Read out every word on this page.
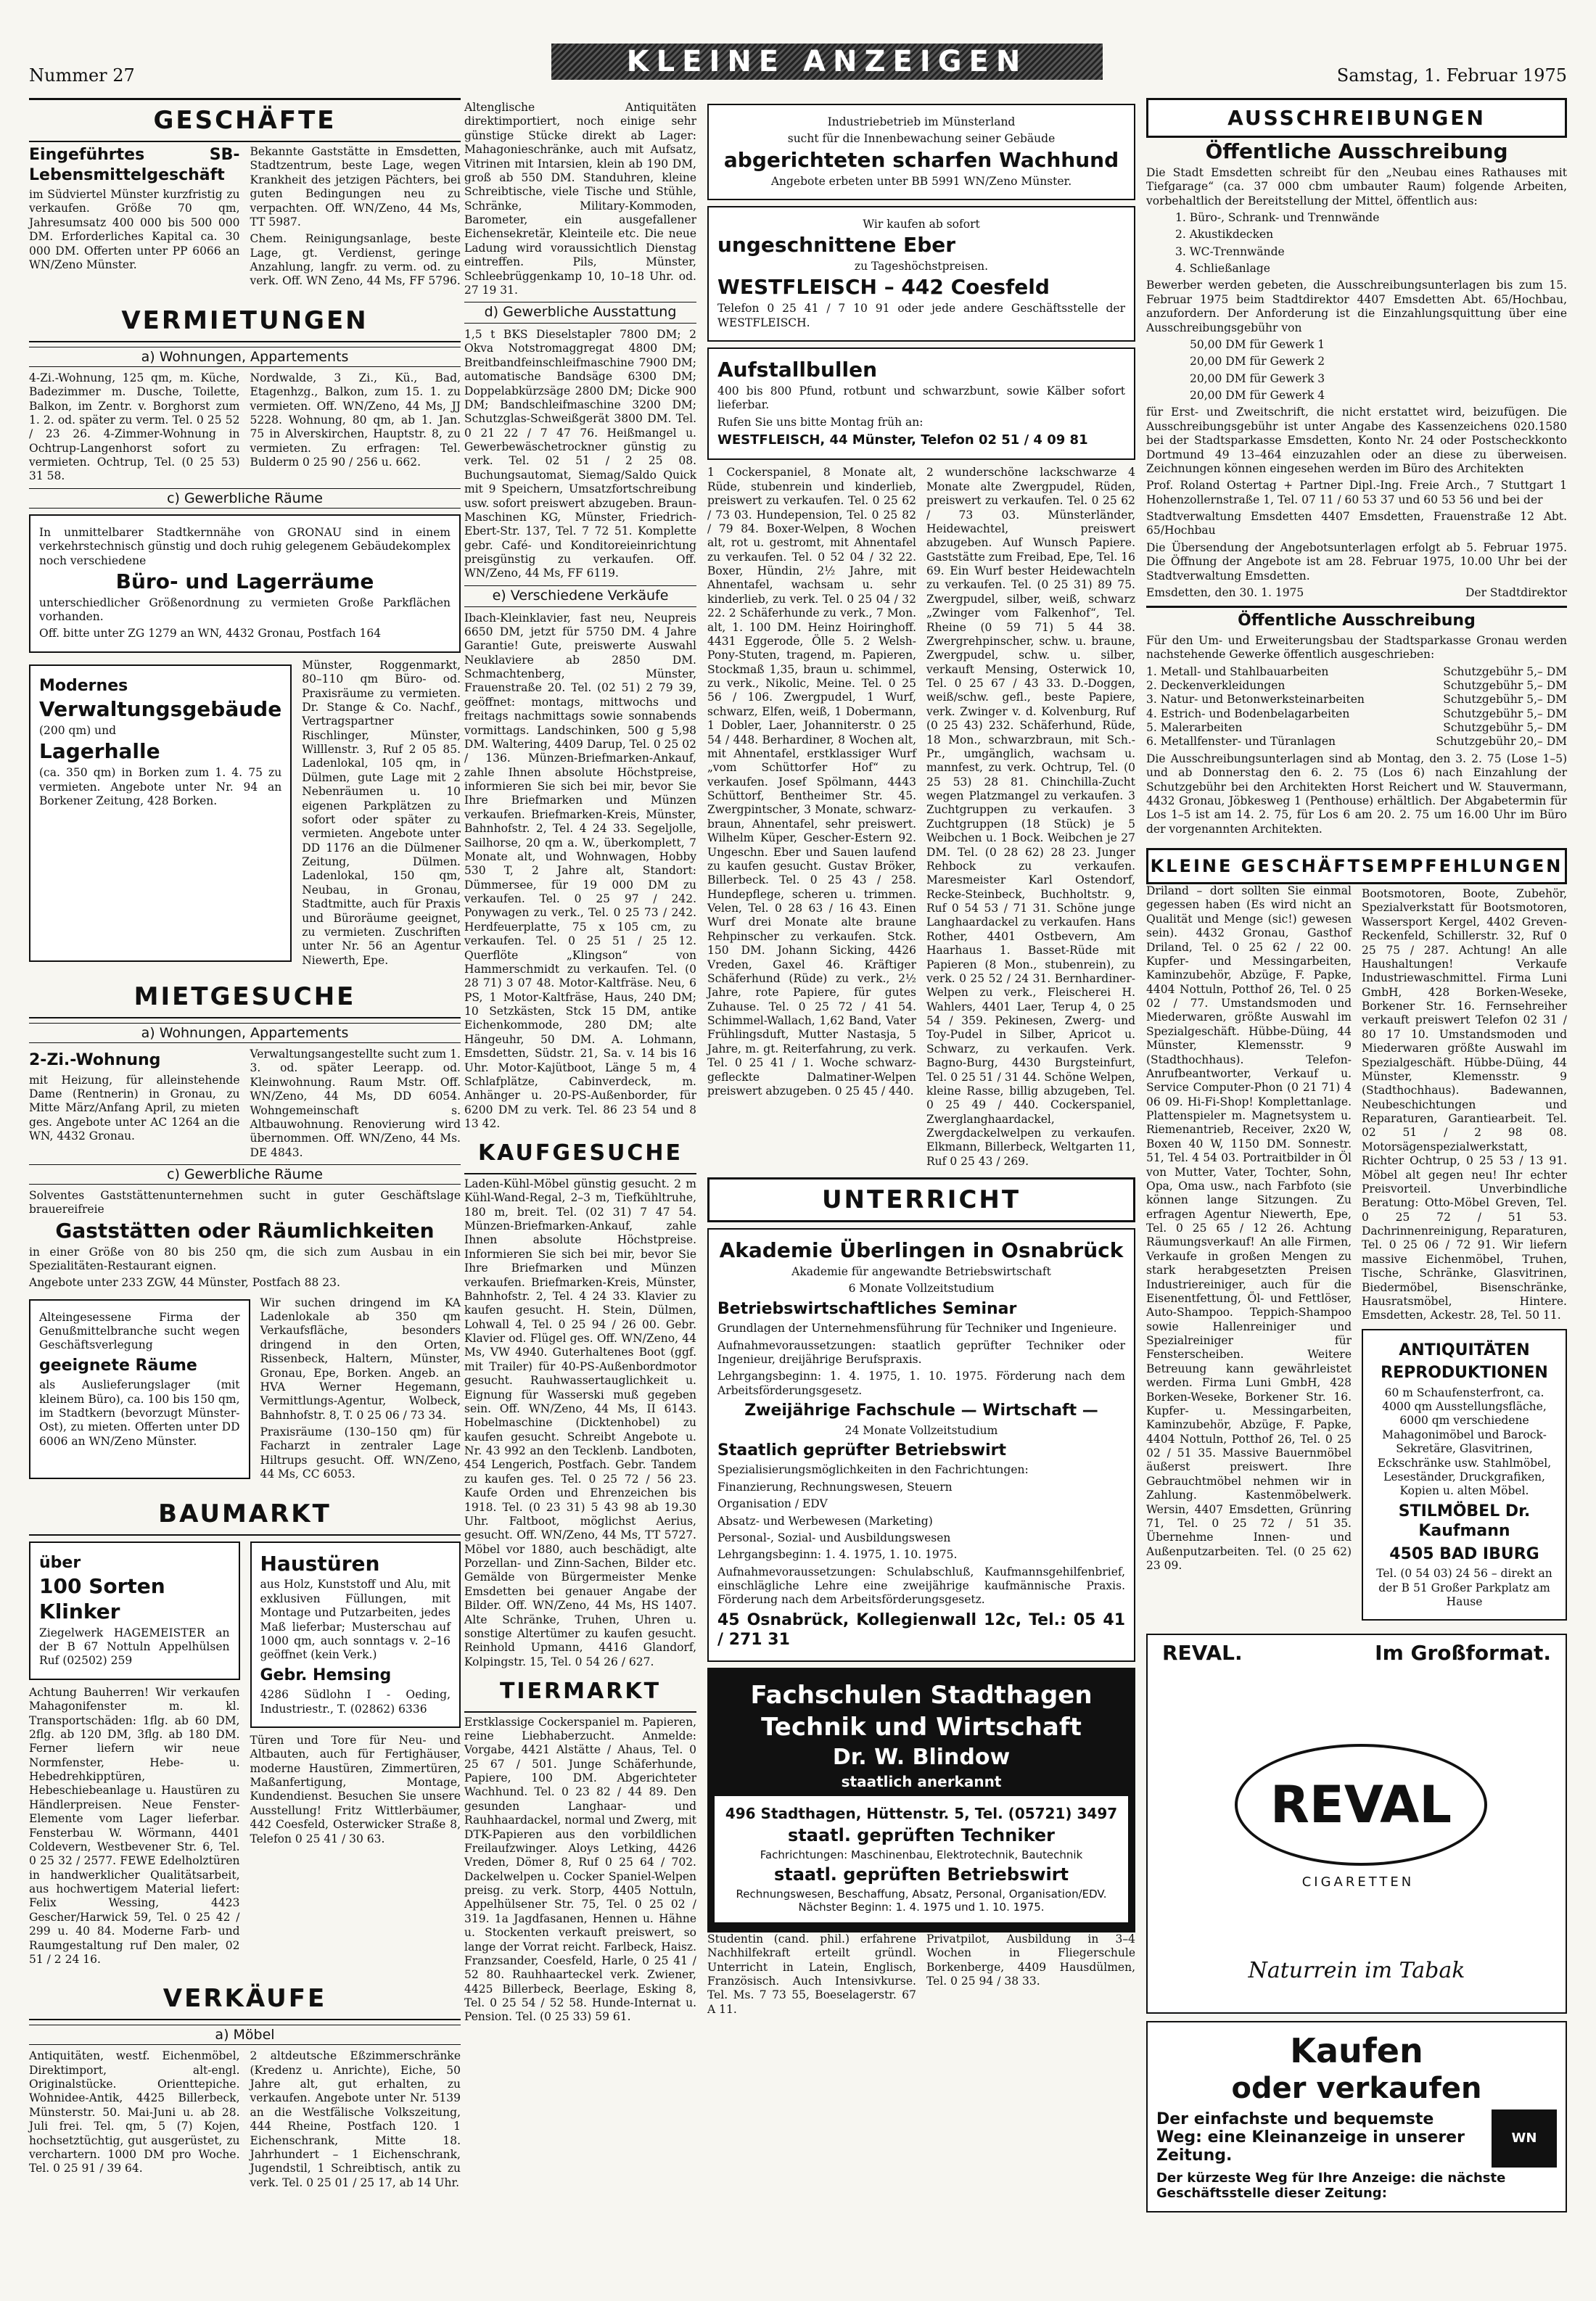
Nummer 27	KLEINE ANZEIGEN	Samstag, 1. Februar 1975
GESCHÄFTE

Eingeführtes SB-Lebensmittelgeschäft

im Südviertel Münster kurzfristig zu verkaufen. Größe 70 qm, Jahresumsatz 400 000 bis 500 000 DM. Erforderliches Kapital ca. 30 000 DM. Offerten unter PP 6066 an WN/Zeno Münster.

Bekannte Gaststätte in Emsdetten, Stadtzentrum, beste Lage, wegen Krankheit des jetzigen Pächters, bei guten Bedingungen neu zu verpachten. Off. WN/Zeno, 44 Ms, TT 5987.

Chem. Reinigungsanlage, beste Lage, gt. Verdienst, geringe Anzahlung, langfr. zu verm. od. zu verk. Off. WN Zeno, 44 Ms, FF 5796.

VERMIETUNGEN
a) Wohnungen, Appartements
4-Zi.-Wohnung, 125 qm, m. Küche, Badezimmer m. Dusche, Toilette, Balkon, im Zentr. v. Borghorst zum 1. 2. od. später zu verm. Tel. 0 25 52 / 23 26. 4-Zimmer-Wohnung in Ochtrup-Langenhorst sofort zu vermieten. Ochtrup, Tel. (0 25 53) 31 58.
Nordwalde, 3 Zi., Kü., Bad, Etagenhzg., Balkon, zum 15. 1. zu vermieten. Off. WN/Zeno, 44 Ms, JJ 5228. Wohnung, 80 qm, ab 1. Jan. 75 in Alverskirchen, Hauptstr. 8, zu vermieten. Zu erfragen: Tel. Bulderm 0 25 90 / 256 u. 662.
c) Gewerbliche Räume

In unmittelbarer Stadtkernnähe von GRONAU sind in einem verkehrstechnisch günstig und doch ruhig gelegenem Gebäudekomplex noch verschiedene

Büro- und Lagerräume

unterschiedlicher Größenordnung zu vermieten Große Parkflächen vorhanden.

Off. bitte unter ZG 1279 an WN, 4432 Gronau, Postfach 164

Modernes

Verwaltungsgebäude

(200 qm) und

Lagerhalle

(ca. 350 qm) in Borken zum 1. 4. 75 zu vermieten. Angebote unter Nr. 94 an Borkener Zeitung, 428 Borken.

Münster, Roggenmarkt, 80–110 qm Büro- od. Praxisräume zu vermieten. Dr. Stange & Co. Nachf., Vertragspartner Rischlinger, Münster, Willlenstr. 3, Ruf 2 05 85. Ladenlokal, 105 qm, in Dülmen, gute Lage mit 2 Nebenräumen u. 10 eigenen Parkplätzen zu sofort oder später zu vermieten. Angebote unter DD 1176 an die Dülmener Zeitung, Dülmen. Ladenlokal, 150 qm, Neubau, in Gronau, Stadtmitte, auch für Praxis und Büroräume geeignet, zu vermieten. Zuschriften unter Nr. 56 an Agentur Niewerth, Epe.
MIETGESUCHE
a) Wohnungen, Appartements

2-Zi.-Wohnung

mit Heizung, für alleinstehende Dame (Rentnerin) in Gronau, zu Mitte März/Anfang April, zu mieten ges. Angebote unter AC 1264 an die WN, 4432 Gronau.

Verwaltungsangestellte sucht zum 1. 3. od. später Leerapp. od. Kleinwohnung. Raum Mstr. Off. WN/Zeno, 44 Ms, DD 6054. Wohngemeinschaft s. Altbauwohnung. Renovierung wird übernommen. Off. WN/Zeno, 44 Ms. DE 4843.
c) Gewerbliche Räume

Solventes Gaststättenunternehmen sucht in guter Geschäftslage brauereifreie

Gaststätten oder Räumlichkeiten

in einer Größe von 80 bis 250 qm, die sich zum Ausbau in ein Spezialitäten-Restaurant eignen.

Angebote unter 233 ZGW, 44 Münster, Postfach 88 23.

Alteingesessene Firma der Genußmittelbranche sucht wegen Geschäftsverlegung

geeignete Räume

als Auslieferungslager (mit kleinem Büro), ca. 100 bis 150 qm, im Stadtkern (bevorzugt Münster-Ost), zu mieten. Offerten unter DD 6006 an WN/Zeno Münster.

Wir suchen dringend im KA Ladenlokale ab 350 qm Verkaufsfläche, besonders dringend in den Orten, Rissenbeck, Haltern, Münster, Gronau, Epe, Borken. Angeb. an HVA Werner Hegemann, Vermittlungs-Agentur, Wolbeck, Bahnhofstr. 8, T. 0 25 06 / 73 34.

Praxisräume (130–150 qm) für Facharzt in zentraler Lage Hiltrups gesucht. Off. WN/Zeno, 44 Ms, CC 6053.

BAUMARKT

über

100 Sorten

Klinker

Ziegelwerk HAGEMEISTER an der B 67 Nottuln Appelhülsen Ruf (02502) 259

Achtung Bauherren! Wir verkaufen Mahagonifenster m. kl. Transportschäden: 1flg. ab 60 DM, 2flg. ab 120 DM, 3flg. ab 180 DM. Ferner liefern wir neue Normfenster, Hebe- u. Hebedrehkipptüren, Hebeschiebeanlage u. Haustüren zu Händlerpreisen. Neue Fenster-Elemente vom Lager lieferbar. Fensterbau W. Wörmann, 4401 Coldevern, Westbevener Str. 6, Tel. 0 25 32 / 2577. FEWE Edelholztüren in handwerklicher Qualitätsarbeit, aus hochwertigem Material liefert: Felix Wessing, 4423 Gescher/Harwick 59, Tel. 0 25 42 / 299 u. 40 84. Moderne Farb- und Raumgestaltung ruf Den maler, 02 51 / 2 24 16.

Haustüren

aus Holz, Kunststoff und Alu, mit exklusiven Füllungen, mit Montage und Putzarbeiten, jedes Maß lieferbar; Musterschau auf 1000 qm, auch sonntags v. 2–16 geöffnet (kein Verk.)

Gebr. Hemsing

4286 Südlohn I - Oeding, Industriestr., T. (02862) 6336

Türen und Tore für Neu- und Altbauten, auch für Fertighäuser, moderne Haustüren, Zimmertüren, Maßanfertigung, Montage, Kundendienst. Besuchen Sie unsere Ausstellung! Fritz Wittlerbäumer, 442 Coesfeld, Osterwicker Straße 8, Telefon 0 25 41 / 30 63.

VERKÄUFE
a) Möbel
Antiquitäten, westf. Eichenmöbel, Direktimport, alt-engl. Originalstücke. Orienttepiche. Wohnidee-Antik, 4425 Billerbeck, Münsterstr. 50. Mai-Juni u. ab 28. Juli frei. Tel. qm, 5 (7) Kojen, hochsetztüchtig, gut ausgerüstet, zu verchartern. 1000 DM pro Woche. Tel. 0 25 91 / 39 64.
2 altdeutsche Eßzimmerschränke (Kredenz u. Anrichte), Eiche, 50 Jahre alt, gut erhalten, zu verkaufen. Angebote unter Nr. 5139 an die Westfälische Volkszeitung, 444 Rheine, Postfach 120. 1 Eichenschrank, Mitte 18. Jahrhundert – 1 Eichenschrank, Jugendstil, 1 Schreibtisch, antik zu verk. Tel. 0 25 01 / 25 17, ab 14 Uhr.

Altenglische Antiquitäten direktimportiert, noch einige sehr günstige Stücke direkt ab Lager: Mahagonieschränke, auch mit Aufsatz, Vitrinen mit Intarsien, klein ab 190 DM, groß ab 550 DM. Standuhren, kleine Schreibtische, viele Tische und Stühle, Schränke, Military-Kommoden, Barometer, ein ausgefallener Eichensekretär, Kleinteile etc. Die neue Ladung wird voraussichtlich Dienstag eintreffen. Pils, Münster, Schleebrüggenkamp 10, 10–18 Uhr. od. 27 19 31.

d) Gewerbliche Ausstattung

1,5 t BKS Dieselstapler 7800 DM; 2 Okva Notstromaggregat 4800 DM; Breitbandfeinschleifmaschine 7900 DM; automatische Bandsäge 6300 DM; Doppelabkürzsäge 2800 DM; Dicke 900 DM; Bandschleifmaschine 3200 DM; Schutzglas-Schweißgerät 3800 DM. Tel. 0 21 22 / 7 47 76. Heißmangel u. Gewerbewäschetrockner günstig zu verk. Tel. 02 51 / 2 25 08. Buchungsautomat, Siemag/Saldo Quick mit 9 Speichern, Umsatzfortschreibung usw. sofort preiswert abzugeben. Braun-Maschinen KG, Münster, Friedrich-Ebert-Str. 137, Tel. 7 72 51. Komplette gebr. Café- und Konditoreieinrichtung preisgünstig zu verkaufen. Off. WN/Zeno, 44 Ms, FF 6119.

e) Verschiedene Verkäufe

Ibach-Kleinklavier, fast neu, Neupreis 6650 DM, jetzt für 5750 DM. 4 Jahre Garantie! Gute, preiswerte Auswahl Neuklaviere ab 2850 DM. Schmachtenberg, Münster, Frauenstraße 20. Tel. (02 51) 2 79 39, geöffnet: montags, mittwochs und freitags nachmittags sowie sonnabends vormittags. Landschinken, 500 g 5,98 DM. Waltering, 4409 Darup, Tel. 0 25 02 / 136. Münzen-Briefmarken-Ankauf, zahle Ihnen absolute Höchstpreise, informieren Sie sich bei mir, bevor Sie Ihre Briefmarken und Münzen verkaufen. Briefmarken-Kreis, Münster, Bahnhofstr. 2, Tel. 4 24 33. Segeljolle, Sailhorse, 20 qm a. W., überkomplett, 7 Monate alt, und Wohnwagen, Hobby 530 T, 2 Jahre alt, Standort: Dümmersee, für 19 000 DM zu verkaufen. Tel. 0 25 97 / 242. Ponywagen zu verk., Tel. 0 25 73 / 242. Herdfeuerplatte, 75 x 105 cm, zu verkaufen. Tel. 0 25 51 / 25 12. Querflöte „Klingson“ von Hammerschmidt zu verkaufen. Tel. (0 28 71) 3 07 48. Motor-Kaltfräse. Neu, 6 PS, 1 Motor-Kaltfräse, Haus, 240 DM; 10 Setzkästen, Stck 15 DM, antike Eichenkommode, 280 DM; alte Hängeuhr, 50 DM. A. Lohmann, Emsdetten, Südstr. 21, Sa. v. 14 bis 16 Uhr. Motor-Kajütboot, Länge 5 m, 4 Schlafplätze, Cabinverdeck, m. Anhänger u. 20-PS-Außenborder, für 6200 DM zu verk. Tel. 86 23 54 und 8 13 42.

KAUFGESUCHE

Laden-Kühl-Möbel günstig gesucht. 2 m Kühl-Wand-Regal, 2–3 m, Tiefkühltruhe, 180 m, breit. Tel. (02 31) 7 47 54. Münzen-Briefmarken-Ankauf, zahle Ihnen absolute Höchstpreise. Informieren Sie sich bei mir, bevor Sie Ihre Briefmarken und Münzen verkaufen. Briefmarken-Kreis, Münster, Bahnhofstr. 2, Tel. 4 24 33. Klavier zu kaufen gesucht. H. Stein, Dülmen, Lohwall 4, Tel. 0 25 94 / 26 00. Gebr. Klavier od. Flügel ges. Off. WN/Zeno, 44 Ms, VW 4940. Guterhaltenes Boot (ggf. mit Trailer) für 40-PS-Außenbordmotor gesucht. Rauhwassertauglichkeit u. Eignung für Wasserski muß gegeben sein. Off. WN/Zeno, 44 Ms, II 6143. Hobelmaschine (Dicktenhobel) zu kaufen gesucht. Schreibt Angebote u. Nr. 43 992 an den Tecklenb. Landboten, 454 Lengerich, Postfach. Gebr. Tandem zu kaufen ges. Tel. 0 25 72 / 56 23. Kaufe Orden und Ehrenzeichen bis 1918. Tel. (0 23 31) 5 43 98 ab 19.30 Uhr. Faltboot, möglichst Aerius, gesucht. Off. WN/Zeno, 44 Ms, TT 5727. Möbel vor 1880, auch beschädigt, alte Porzellan- und Zinn-Sachen, Bilder etc. Gemälde von Bürgermeister Menke Emsdetten bei genauer Angabe der Bilder. Off. WN/Zeno, 44 Ms, HS 1407. Alte Schränke, Truhen, Uhren u. sonstige Altertümer zu kaufen gesucht. Reinhold Upmann, 4416 Glandorf, Kolpingstr. 15, Tel. 0 54 26 / 627.

TIERMARKT

Erstklassige Cockerspaniel m. Papieren, reine Liebhaberzucht. Anmelde: Vorgabe, 4421 Alstätte / Ahaus, Tel. 0 25 67 / 501. Junge Schäferhunde, Papiere, 100 DM. Abgerichteter Wachhund. Tel. 0 23 82 / 44 89. Den gesunden Langhaar- und Rauhhaardackel, normal und Zwerg, mit DTK-Papieren aus den vorbildlichen Freilaufzwinger. Aloys Letking, 4426 Vreden, Dömer 8, Ruf 0 25 64 / 702. Dackelwelpen u. Cocker Spaniel-Welpen preisg. zu verk. Storp, 4405 Nottuln, Appelhülsener Str. 75, Tel. 0 25 02 / 319. 1a Jagdfasanen, Hennen u. Hähne u. Stockenten verkauft preiswert, so lange der Vorrat reicht. Farlbeck, Haisz. Franzsander, Coesfeld, Harle, 0 25 41 / 52 80. Rauhhaarteckel verk. Zwiener, 4425 Billerbeck, Beerlage, Esking 8, Tel. 0 25 54 / 52 58. Hunde-Internat u. Pension. Tel. (0 25 33) 59 61.

Industriebetrieb im Münsterland

sucht für die Innenbewachung seiner Gebäude

abgerichteten scharfen Wachhund

Angebote erbeten unter BB 5991 WN/Zeno Münster.

Wir kaufen ab sofort

ungeschnittene Eber

zu Tageshöchstpreisen.

WESTFLEISCH – 442 Coesfeld

Telefon 0 25 41 / 7 10 91 oder jede andere Geschäftsstelle der WESTFLEISCH.

Aufstallbullen

400 bis 800 Pfund, rotbunt und schwarzbunt, sowie Kälber sofort lieferbar.

Rufen Sie uns bitte Montag früh an:

WESTFLEISCH, 44 Münster, Telefon 02 51 / 4 09 81

1 Cockerspaniel, 8 Monate alt, Rüde, stubenrein und kinderlieb, preiswert zu verkaufen. Tel. 0 25 62 / 73 03. Hundepension, Tel. 0 25 82 / 79 84. Boxer-Welpen, 8 Wochen alt, rot u. gestromt, mit Ahnentafel zu verkaufen. Tel. 0 52 04 / 32 22. Boxer, Hündin, 2½ Jahre, mit Ahnentafel, wachsam u. sehr kinderlieb, zu verk. Tel. 0 25 04 / 32 22. 2 Schäferhunde zu verk., 7 Mon. alt, 1. 100 DM. Heinz Hoiringhoff. 4431 Eggerode, Ölle 5. 2 Welsh-Pony-Stuten, tragend, m. Papieren, Stockmaß 1,35, braun u. schimmel, zu verk., Nikolic, Meine. Tel. 0 25 56 / 106. Zwergpudel, 1 Wurf, schwarz, Elfen, weiß, 1 Dobermann, 1 Dobler, Laer, Johanniterstr. 0 25 54 / 448. Berhardiner, 8 Wochen alt, mit Ahnentafel, erstklassiger Wurf „vom Schüttorfer Hof“ zu verkaufen. Josef Spölmann, 4443 Schüttorf, Bentheimer Str. 45. Zwergpintscher, 3 Monate, schwarz-braun, Ahnentafel, sehr preiswert. Wilhelm Küper, Gescher-Estern 92. Ungeschn. Eber und Sauen laufend zu kaufen gesucht. Gustav Bröker, Billerbeck. Tel. 0 25 43 / 258. Hundepflege, scheren u. trimmen. Velen, Tel. 0 28 63 / 16 43. Einen Wurf drei Monate alte braune Rehpinscher zu verkaufen. Stck. 150 DM. Johann Sicking, 4426 Vreden, Gaxel 46. Kräftiger Schäferhund (Rüde) zu verk., 2½ Jahre, rote Papiere, für gutes Zuhause. Tel. 0 25 72 / 41 54. Schimmel-Wallach, 1,62 Band, Vater Frühlingsduft, Mutter Nastasja, 5 Jahre, m. gt. Reiterfahrung, zu verk. Tel. 0 25 41 / 1. Woche schwarz-gefleckte Dalmatiner-Welpen preiswert abzugeben. 0 25 45 / 440.
2 wunderschöne lackschwarze 4 Monate alte Zwergpudel, Rüden, preiswert zu verkaufen. Tel. 0 25 62 / 73 03. Münsterländer, Heidewachtel, preiswert abzugeben. Auf Wunsch Papiere. Gaststätte zum Freibad, Epe, Tel. 16 69. Ein Wurf bester Heidewachteln zu verkaufen. Tel. (0 25 31) 89 75. Zwergpudel, silber, weiß, schwarz „Zwinger vom Falkenhof“, Tel. Rheine (0 59 71) 5 44 38. Zwergrehpinscher, schw. u. braune, Zwergpudel, schw. u. silber, verkauft Mensing, Osterwick 10, Tel. 0 25 67 / 43 33. D.-Doggen, weiß/schw. gefl., beste Papiere, verk. Zwinger v. d. Kolvenburg, Ruf (0 25 43) 232. Schäferhund, Rüde, 18 Mon., schwarzbraun, mit Sch.-Pr., umgänglich, wachsam u. mannfest, zu verk. Ochtrup, Tel. (0 25 53) 28 81. Chinchilla-Zucht wegen Platzmangel zu verkaufen. 3 Zuchtgruppen zu verkaufen. 3 Zuchtgruppen (18 Stück) je 5 Weibchen u. 1 Bock. Weibchen je 27 DM. Tel. (0 28 62) 28 23. Junger Rehbock zu verkaufen. Maresmeister Karl Ostendorf, Recke-Steinbeck, Buchholtstr. 9, Ruf 0 54 53 / 71 31. Schöne junge Langhaardackel zu verkaufen. Hans Rother, 4401 Ostbevern, Am Haarhaus 1. Basset-Rüde mit Papieren (8 Mon., stubenrein), zu verk. 0 25 52 / 24 31. Bernhardiner-Welpen zu verk., Fleischerei H. Wahlers, 4401 Laer, Terup 4, 0 25 54 / 359. Pekinesen, Zwerg- und Toy-Pudel in Silber, Apricot u. Schwarz, zu verkaufen. Verk. Bagno-Burg, 4430 Burgsteinfurt, Tel. 0 25 51 / 31 44. Schöne Welpen, kleine Rasse, billig abzugeben, Tel. 0 25 49 / 440. Cockerspaniel, Zwerglanghaardackel, Zwergdackelwelpen zu verkaufen. Elkmann, Billerbeck, Weltgarten 11, Ruf 0 25 43 / 269.
UNTERRICHT

Akademie Überlingen in Osnabrück

Akademie für angewandte Betriebswirtschaft

6 Monate Vollzeitstudium

Betriebswirtschaftliches Seminar

Grundlagen der Unternehmensführung für Techniker und Ingenieure.

Aufnahmevoraussetzungen: staatlich geprüfter Techniker oder Ingenieur, dreijährige Berufspraxis.

Lehrgangsbeginn: 1. 4. 1975, 1. 10. 1975. Förderung nach dem Arbeitsförderungsgesetz.

Zweijährige Fachschule — Wirtschaft —

24 Monate Vollzeitstudium

Staatlich geprüfter Betriebswirt

Spezialisierungsmöglichkeiten in den Fachrichtungen:

Finanzierung, Rechnungswesen, Steuern

Organisation / EDV

Absatz- und Werbewesen (Marketing)

Personal-, Sozial- und Ausbildungswesen

Lehrgangsbeginn: 1. 4. 1975, 1. 10. 1975.

Aufnahmevoraussetzungen: Schulabschluß, Kaufmannsgehilfenbrief, einschlägliche Lehre eine zweijährige kaufmännische Praxis. Förderung nach dem Arbeitsförderungsgesetz.

45 Osnabrück, Kollegienwall 12c, Tel.: 05 41 / 271 31

Fachschulen Stadthagen

Technik und Wirtschaft

Dr. W. Blindow

staatlich anerkannt

496 Stadthagen, Hüttenstr. 5, Tel. (05721) 3497

staatl. geprüften Techniker

Fachrichtungen: Maschinenbau, Elektrotechnik, Bautechnik

staatl. geprüften Betriebswirt

Rechnungswesen, Beschaffung, Absatz, Personal, Organisation/EDV. Nächster Beginn: 1. 4. 1975 und 1. 10. 1975.

Studentin (cand. phil.) erfahrene Nachhilfekraft erteilt gründl. Unterricht in Latein, Englisch, Französisch. Auch Intensivkurse. Tel. Ms. 7 73 55, Boeselagerstr. 67 A 11.
Privatpilot, Ausbildung in 3–4 Wochen in Fliegerschule Borkenberge, 4409 Hausdülmen, Tel. 0 25 94 / 38 33.
AUSSCHREIBUNGEN

Öffentliche Ausschreibung

Die Stadt Emsdetten schreibt für den „Neubau eines Rathauses mit Tiefgarage“ (ca. 37 000 cbm umbauter Raum) folgende Arbeiten, vorbehaltlich der Bereitstellung der Mittel, öffentlich aus:

1. Büro-, Schrank- und Trennwände

2. Akustikdecken

3. WC-Trennwände

4. Schließanlage

Bewerber werden gebeten, die Ausschreibungsunterlagen bis zum 15. Februar 1975 beim Stadtdirektor 4407 Emsdetten Abt. 65/Hochbau, anzufordern. Der Anforderung ist die Einzahlungsquittung über eine Ausschreibungsgebühr von

50,00 DM für Gewerk 1

20,00 DM für Gewerk 2

20,00 DM für Gewerk 3

20,00 DM für Gewerk 4

für Erst- und Zweitschrift, die nicht erstattet wird, beizufügen. Die Ausschreibungsgebühr ist unter Angabe des Kassenzeichens 020.1580 bei der Stadtsparkasse Emsdetten, Konto Nr. 24 oder Postscheckkonto Dortmund 49 13–464 einzuzahlen oder an diese zu überweisen. Zeichnungen können eingesehen werden im Büro des Architekten

Prof. Roland Ostertag + Partner Dipl.-Ing. Freie Arch., 7 Stuttgart 1 Hohenzollernstraße 1, Tel. 07 11 / 60 53 37 und 60 53 56 und bei der

Stadtverwaltung Emsdetten 4407 Emsdetten, Frauenstraße 12 Abt. 65/Hochbau

Die Übersendung der Angebotsunterlagen erfolgt ab 5. Februar 1975. Die Öffnung der Angebote ist am 28. Februar 1975, 10.00 Uhr bei der Stadtverwaltung Emsdetten.

Emsdetten, den 30. 1. 1975	Der Stadtdirektor

Öffentliche Ausschreibung

Für den Um- und Erweiterungsbau der Stadtsparkasse Gronau werden nachstehende Gewerke öffentlich ausgeschrieben:

1. Metall- und Stahlbauarbeiten	Schutzgebühr 5,– DM
2. Deckenverkleidungen	Schutzgebühr 5,– DM
3. Natur- und Betonwerksteinarbeiten	Schutzgebühr 5,– DM
4. Estrich- und Bodenbelagarbeiten	Schutzgebühr 5,– DM
5. Malerarbeiten	Schutzgebühr 5,– DM
6. Metallfenster- und Türanlagen	Schutzgebühr 20,– DM

Die Ausschreibungsunterlagen sind ab Montag, den 3. 2. 75 (Lose 1–5) und ab Donnerstag den 6. 2. 75 (Los 6) nach Einzahlung der Schutzgebühr bei den Architekten Horst Reichert und W. Stauvermann, 4432 Gronau, Jöbkesweg 1 (Penthouse) erhältlich. Der Abgabetermin für Los 1–5 ist am 14. 2. 75, für Los 6 am 20. 2. 75 um 16.00 Uhr im Büro der vorgenannten Architekten.

KLEINE GESCHÄFTSEMPFEHLUNGEN
Driland – dort sollten Sie einmal gegessen haben (Es wird nicht an Qualität und Menge (sic!) gewesen sein). 4432 Gronau, Gasthof Driland, Tel. 0 25 62 / 22 00. Kupfer- und Messingarbeiten, Kaminzubehör, Abzüge, F. Papke, 4404 Nottuln, Potthof 26, Tel. 0 25 02 / 77. Umstandsmoden und Miederwaren, größte Auswahl im Spezialgeschäft. Hübbe-Düing, 44 Münster, Klemensstr. 9 (Stadthochhaus). Telefon-Anrufbeantworter, Verkauf u. Service Computer-Phon (0 21 71) 4 06 09. Hi-Fi-Shop! Komplettanlage. Plattenspieler m. Magnetsystem u. Riemenantrieb, Receiver, 2x20 W, Boxen 40 W, 1150 DM. Sonnestr. 51, Tel. 4 54 03. Portraitbilder in Öl von Mutter, Vater, Tochter, Sohn, Opa, Oma usw., nach Farbfoto (sie können lange Sitzungen. Zu erfragen Agentur Niewerth, Epe, Tel. 0 25 65 / 12 26. Achtung Räumungsverkauf! An alle Firmen, Verkaufe in großen Mengen zu stark herabgesetzten Preisen Industriereiniger, auch für die Eisenentfettung, Öl- und Fettlöser, Auto-Shampoo. Teppich-Shampoo sowie Hallenreiniger und Spezialreiniger für Fensterscheiben. Weitere Betreuung kann gewährleistet werden. Firma Luni GmbH, 428 Borken-Weseke, Borkener Str. 16. Kupfer- u. Messingarbeiten, Kaminzubehör, Abzüge, F. Papke, 4404 Nottuln, Potthof 26, Tel. 0 25 02 / 51 35. Massive Bauernmöbel äußerst preiswert. Ihre Gebrauchtmöbel nehmen wir in Zahlung. Kastenmöbelwerk. Wersin, 4407 Emsdetten, Grünring 71, Tel. 0 25 72 / 51 35. Übernehme Innen- und Außenputzarbeiten. Tel. (0 25 62) 23 09.

Bootsmotoren, Boote, Zubehör, Spezialverkstatt für Bootsmotoren, Wassersport Kergel, 4402 Greven-Reckenfeld, Schillerstr. 32, Ruf 0 25 75 / 287. Achtung! An alle Haushaltungen! Verkaufe Industriewaschmittel. Firma Luni GmbH, 428 Borken-Weseke, Borkener Str. 16. Fernsehreiher verkauft preiswert Telefon 02 31 / 80 17 10. Umstandsmoden und Miederwaren größte Auswahl im Spezialgeschäft. Hübbe-Düing, 44 Münster, Klemensstr. 9 (Stadthochhaus). Badewannen, Neubeschichtungen und Reparaturen, Garantiearbeit. Tel. 02 51 / 2 98 08. Motorsägenspezialwerkstatt, Richter Ochtrup, 0 25 53 / 13 91. Möbel alt gegen neu! Ihr echter Preisvorteil. Unverbindliche Beratung: Otto-Möbel Greven, Tel. 0 25 72 / 51 53. Dachrinnenreinigung, Reparaturen, Tel. 0 25 06 / 72 91. Wir liefern massive Eichenmöbel, Truhen, Tische, Schränke, Glasvitrinen, Biedermöbel, Bisenschränke, Hausratsmöbel, Hintere. Emsdetten, Ackestr. 28, Tel. 50 11.

ANTIQUITÄTEN

REPRODUKTIONEN

60 m Schaufensterfront, ca. 4000 qm Ausstellungsfläche, 6000 qm verschiedene Mahagonimöbel und Barock-Sekretäre, Glasvitrinen, Eckschränke usw. Stahlmöbel, Leseständer, Druckgrafiken, Kopien u. alten Möbel.

STILMÖBEL Dr. Kaufmann

4505 BAD IBURG

Tel. (0 54 03) 24 56 – direkt an der B 51 Großer Parkplatz am Hause

REVAL.	Im Großformat.
REVAL
CIGARETTEN
Naturrein im Tabak

Kaufen

oder verkaufen

Der einfachste und bequemste Weg: eine Kleinanzeige in unserer Zeitung.

WN ZENO

Der kürzeste Weg für Ihre Anzeige: die nächste Geschäftsstelle dieser Zeitung:
